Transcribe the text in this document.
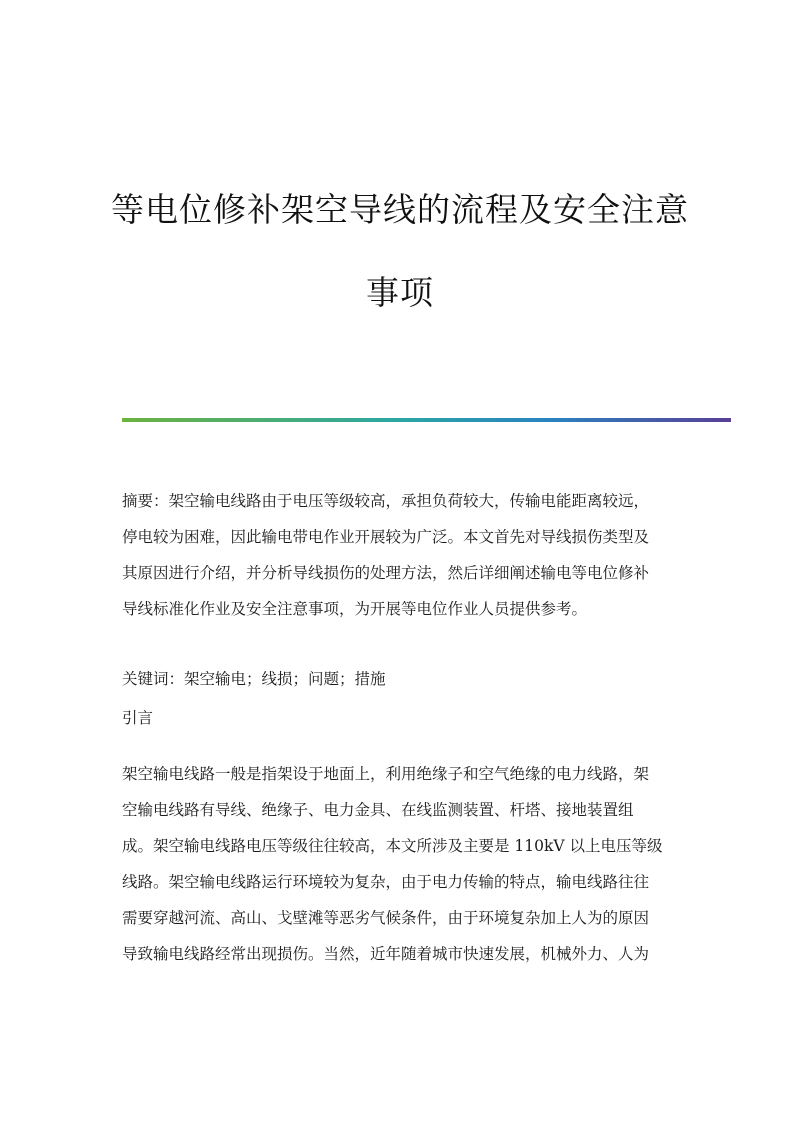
等电位修补架空导线的流程及安全注意
事项

摘要：架空输电线路由于电压等级较高，承担负荷较大，传输电能距离较远，
停电较为困难，因此输电带电作业开展较为广泛。本文首先对导线损伤类型及
其原因进行介绍，并分析导线损伤的处理方法，然后详细阐述输电等电位修补
导线标准化作业及安全注意事项，为开展等电位作业人员提供参考。

关键词：架空输电；线损；问题；措施

引言

架空输电线路一般是指架设于地面上，利用绝缘子和空气绝缘的电力线路，架
空输电线路有导线、绝缘子、电力金具、在线监测装置、杆塔、接地装置组
成。架空输电线路电压等级往往较高，本文所涉及主要是 110kV 以上电压等级
线路。架空输电线路运行环境较为复杂，由于电力传输的特点，输电线路往往
需要穿越河流、高山、戈壁滩等恶劣气候条件，由于环境复杂加上人为的原因
导致输电线路经常出现损伤。当然，近年随着城市快速发展，机械外力、人为
